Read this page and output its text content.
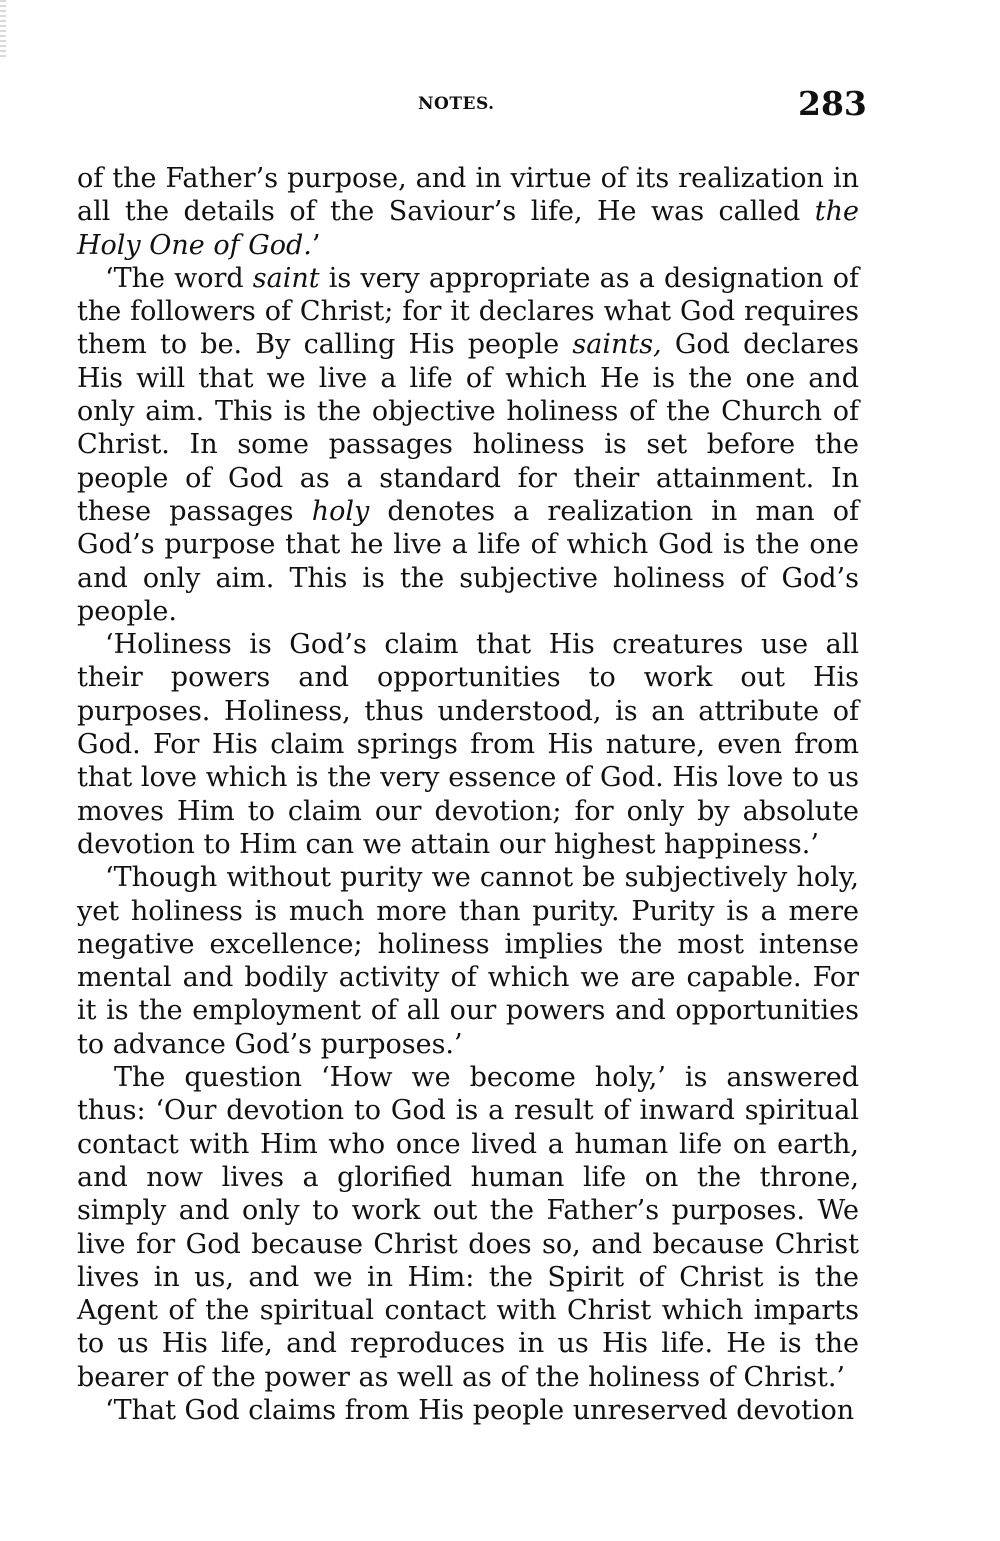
NOTES.	283

of the Father’s purpose, and in virtue of its realization in all the details of the Saviour’s life, He was called the Holy One of God.’

‘The word saint is very appropriate as a designation of the followers of Christ; for it declares what God requires them to be. By calling His people saints, God declares His will that we live a life of which He is the one and only aim. This is the objective holiness of the Church of Christ. In some passages holiness is set before the people of God as a standard for their attainment. In these passages holy denotes a realization in man of God’s purpose that he live a life of which God is the one and only aim. This is the subjective holiness of God’s people.

‘Holiness is God’s claim that His creatures use all their powers and opportunities to work out His purposes. Holiness, thus understood, is an attribute of God. For His claim springs from His nature, even from that love which is the very essence of God. His love to us moves Him to claim our devotion; for only by absolute devotion to Him can we attain our highest happiness.’

‘Though without purity we cannot be subjectively holy, yet holiness is much more than purity. Purity is a mere negative excellence; holiness implies the most intense mental and bodily activity of which we are capable. For it is the employment of all our powers and opportunities to advance God’s purposes.’

The question ‘How we become holy,’ is answered thus: ‘Our devotion to God is a result of inward spiritual contact with Him who once lived a human life on earth, and now lives a glorified human life on the throne, simply and only to work out the Father’s purposes. We live for God because Christ does so, and because Christ lives in us, and we in Him: the Spirit of Christ is the Agent of the spiritual contact with Christ which imparts to us His life, and reproduces in us His life. He is the bearer of the power as well as of the holiness of Christ.’

‘That God claims from His people unreserved devotion
